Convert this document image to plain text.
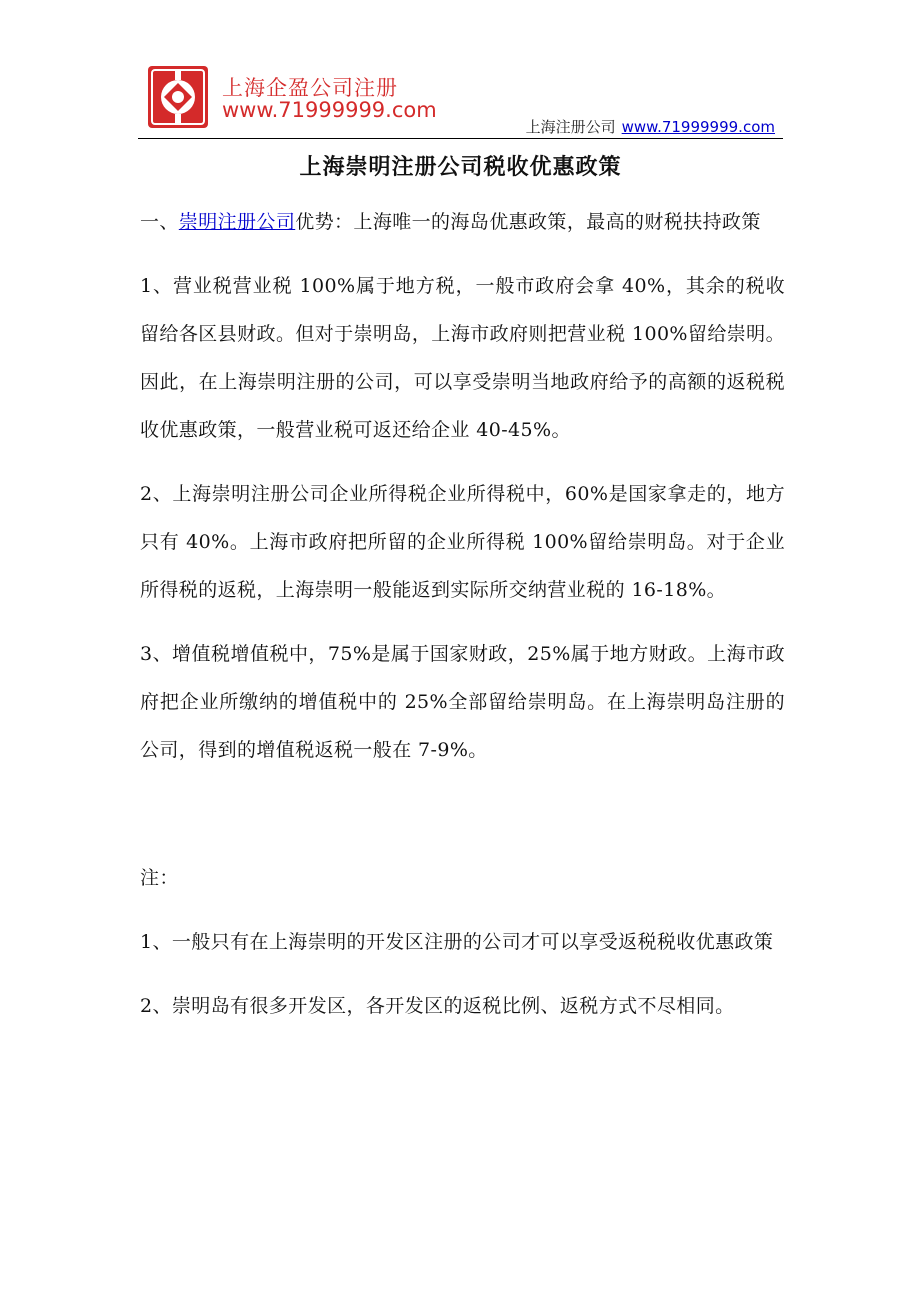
上海企盈公司注册
www.71999999.com
上海注册公司 www.71999999.com
上海崇明注册公司税收优惠政策

一、崇明注册公司优势：上海唯一的海岛优惠政策，最高的财税扶持政策

1、营业税营业税 100%属于地方税，一般市政府会拿 40%，其余的税收留给各区县财政。但对于崇明岛，上海市政府则把营业税 100%留给崇明。因此，在上海崇明注册的公司，可以享受崇明当地政府给予的高额的返税税收优惠政策，一般营业税可返还给企业 40-45%。

2、上海崇明注册公司企业所得税企业所得税中，60%是国家拿走的，地方只有 40%。上海市政府把所留的企业所得税 100%留给崇明岛。对于企业所得税的返税，上海崇明一般能返到实际所交纳营业税的 16-18%。

3、增值税增值税中，75%是属于国家财政，25%属于地方财政。上海市政府把企业所缴纳的增值税中的 25%全部留给崇明岛。在上海崇明岛注册的公司，得到的增值税返税一般在 7-9%。

注：

1、一般只有在上海崇明的开发区注册的公司才可以享受返税税收优惠政策

2、崇明岛有很多开发区，各开发区的返税比例、返税方式不尽相同。
